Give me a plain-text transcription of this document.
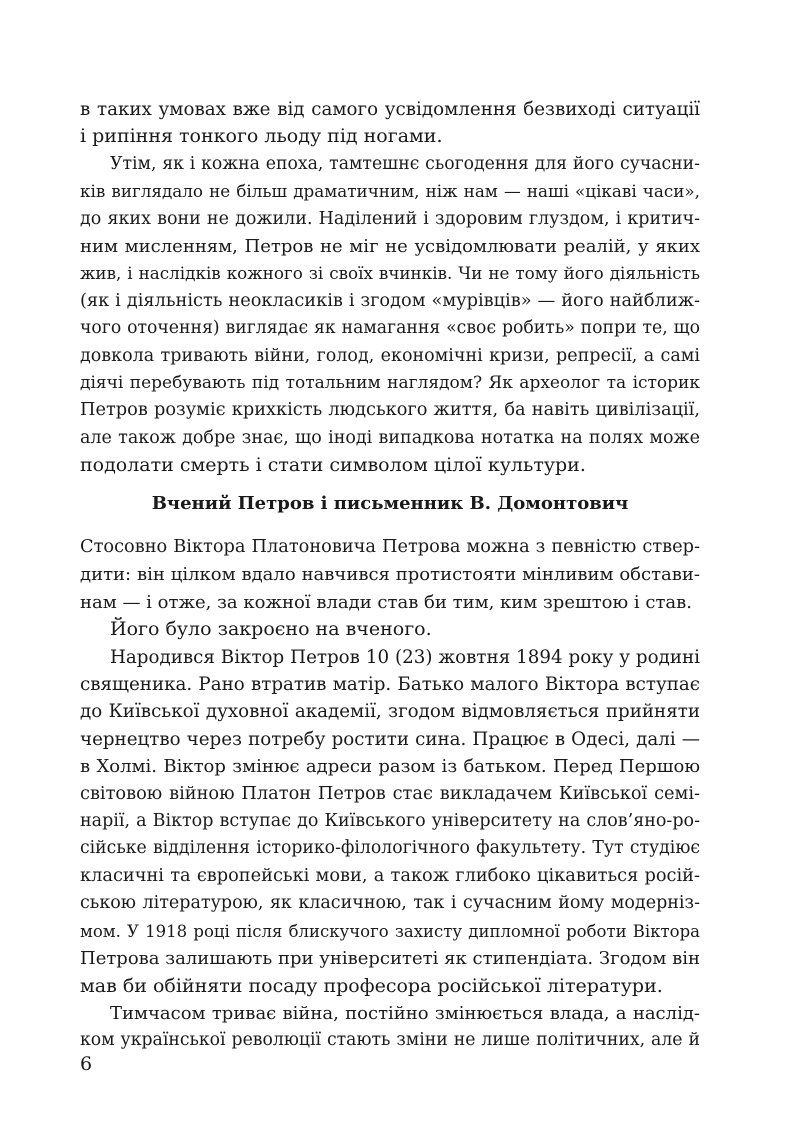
в таких умовах вже від самого усвідомлення безвиході ситуації
і рипіння тонкого льоду під ногами.
Утім, як і кожна епоха, тамтешнє сьогодення для його сучасни-
ків виглядало не більш драматичним, ніж нам — наші «цікаві часи»,
до яких вони не дожили. Наділений і здоровим глуздом, і критич-
ним мисленням, Петров не міг не усвідомлювати реалій, у яких
жив, і наслідків кожного зі своїх вчинків. Чи не тому його діяльність
(як і діяльність неокласиків і згодом «мурівців» — його найближ-
чого оточення) виглядає як намагання «своє робить» попри те, що
довкола тривають війни, голод, економічні кризи, репресії, а самі
діячі перебувають під тотальним наглядом? Як археолог та історик
Петров розуміє крихкість людського життя, ба навіть цивілізації,
але також добре знає, що іноді випадкова нотатка на полях може
подолати смерть і стати символом цілої культури.
Вчений Петров і письменник В. Домонтович
Стосовно Віктора Платоновича Петрова можна з певністю ствер-
дити: він цілком вдало навчився протистояти мінливим обстави-
нам — і отже, за кожної влади став би тим, ким зрештою і став.
Його було закроєно на вченого.
Народився Віктор Петров 10 (23) жовтня 1894 року у родині
священика. Рано втратив матір. Батько малого Віктора вступає
до Київської духовної академії, згодом відмовляється прийняти
чернецтво через потребу ростити сина. Працює в Одесі, далі —
в Холмі. Віктор змінює адреси разом із батьком. Перед Першою
світовою війною Платон Петров стає викладачем Київської семі-
нарії, а Віктор вступає до Київського університету на слов’яно-ро-
сійське відділення історико-філологічного факультету. Тут студіює
класичні та європейські мови, а також глибоко цікавиться росій-
ською літературою, як класичною, так і сучасним йому модерніз-
мом. У 1918 році після блискучого захисту дипломної роботи Віктора
Петрова залишають при університеті як стипендіата. Згодом він
мав би обійняти посаду професора російської літератури.
Тимчасом триває війна, постійно змінюється влада, а наслід-
ком української революції стають зміни не лише політичних, але й
6
